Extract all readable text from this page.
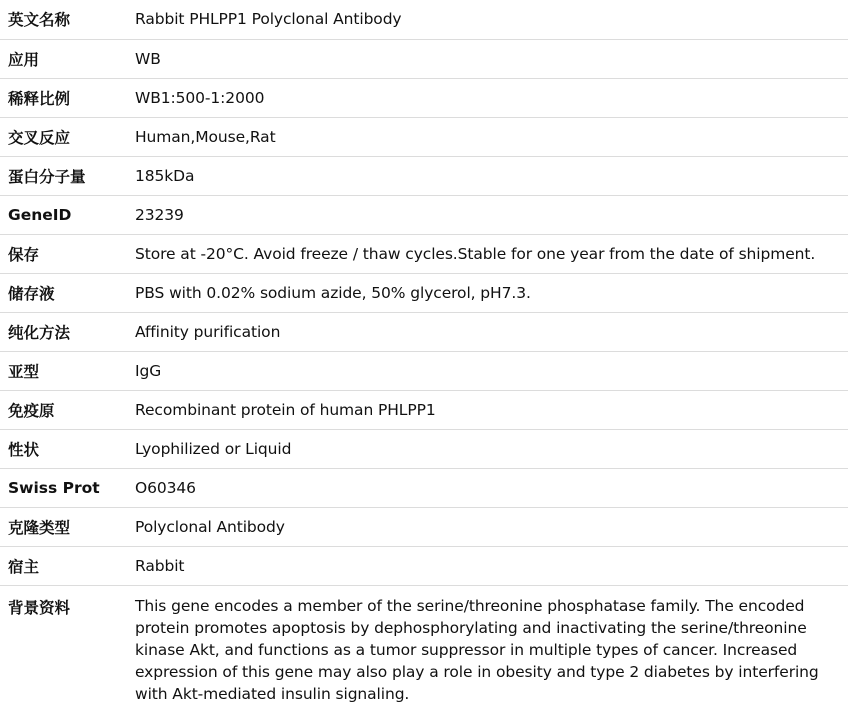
英文名称	Rabbit PHLPP1 Polyclonal Antibody
应用	WB
稀释比例	WB1:500-1:2000
交叉反应	Human,Mouse,Rat
蛋白分子量	185kDa
GeneID	23239
保存	Store at -20°C. Avoid freeze / thaw cycles.Stable for one year from the date of shipment.
储存液	PBS with 0.02% sodium azide, 50% glycerol, pH7.3.
纯化方法	Affinity purification
亚型	IgG
免疫原	Recombinant protein of human PHLPP1
性状	Lyophilized or Liquid
Swiss Prot	O60346
克隆类型	Polyclonal Antibody
宿主	Rabbit
背景资料	This gene encodes a member of the serine/threonine phosphatase family. The encoded protein promotes apoptosis by dephosphorylating and inactivating the serine/threonine kinase Akt, and functions as a tumor suppressor in multiple types of cancer. Increased expression of this gene may also play a role in obesity and type 2 diabetes by interfering with Akt-mediated insulin signaling.
